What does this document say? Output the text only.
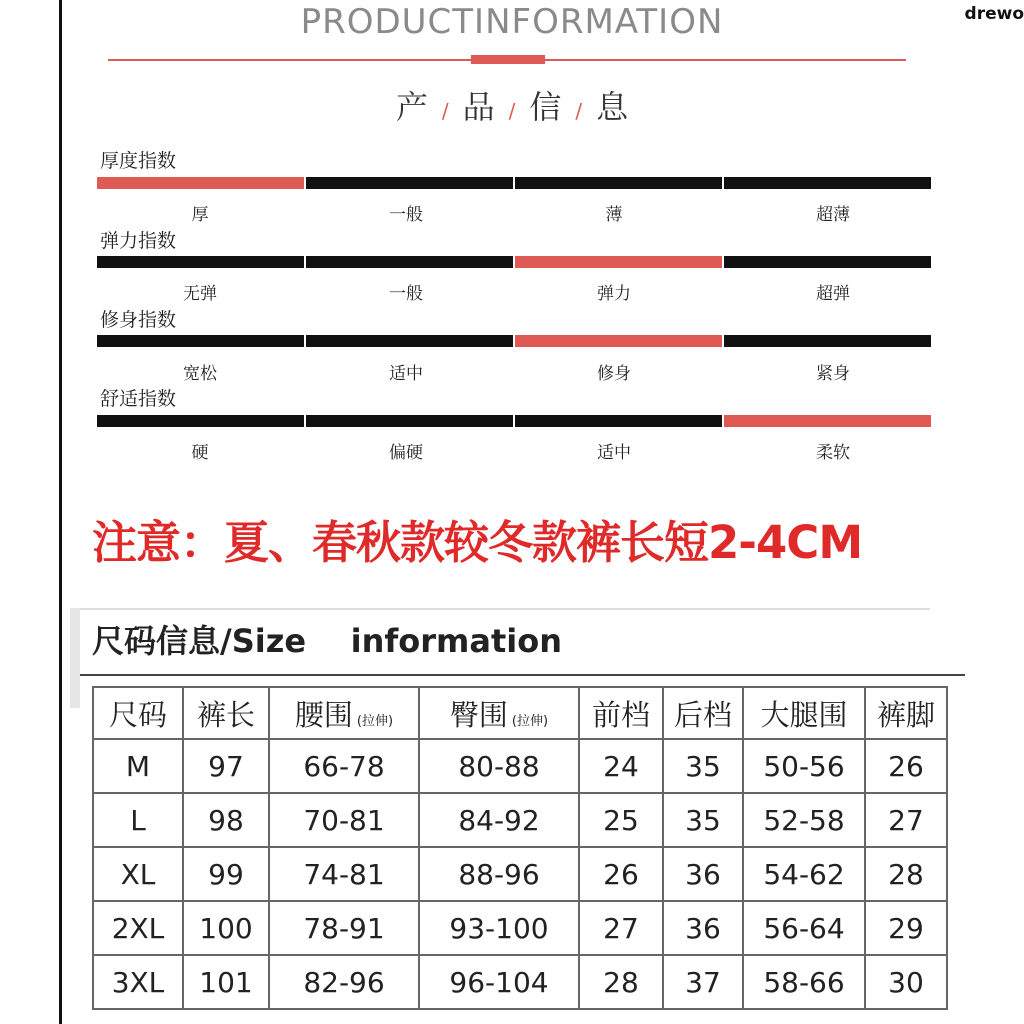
drewo
PRODUCTINFORMATION
产 / 品 / 信 / 息
厚度指数
厚	一般	薄	超薄
弹力指数
无弹	一般	弹力	超弹
修身指数
宽松	适中	修身	紧身
舒适指数
硬	偏硬	适中	柔软
注意：夏、春秋款较冬款裤长短2-4CM
尺码信息/Size    information
尺码	裤长	腰围 (拉伸)	臀围 (拉伸)	前档	后档	大腿围	裤脚
M	97	66-78	80-88	24	35	50-56	26
L	98	70-81	84-92	25	35	52-58	27
XL	99	74-81	88-96	26	36	54-62	28
2XL	100	78-91	93-100	27	36	56-64	29
3XL	101	82-96	96-104	28	37	58-66	30
